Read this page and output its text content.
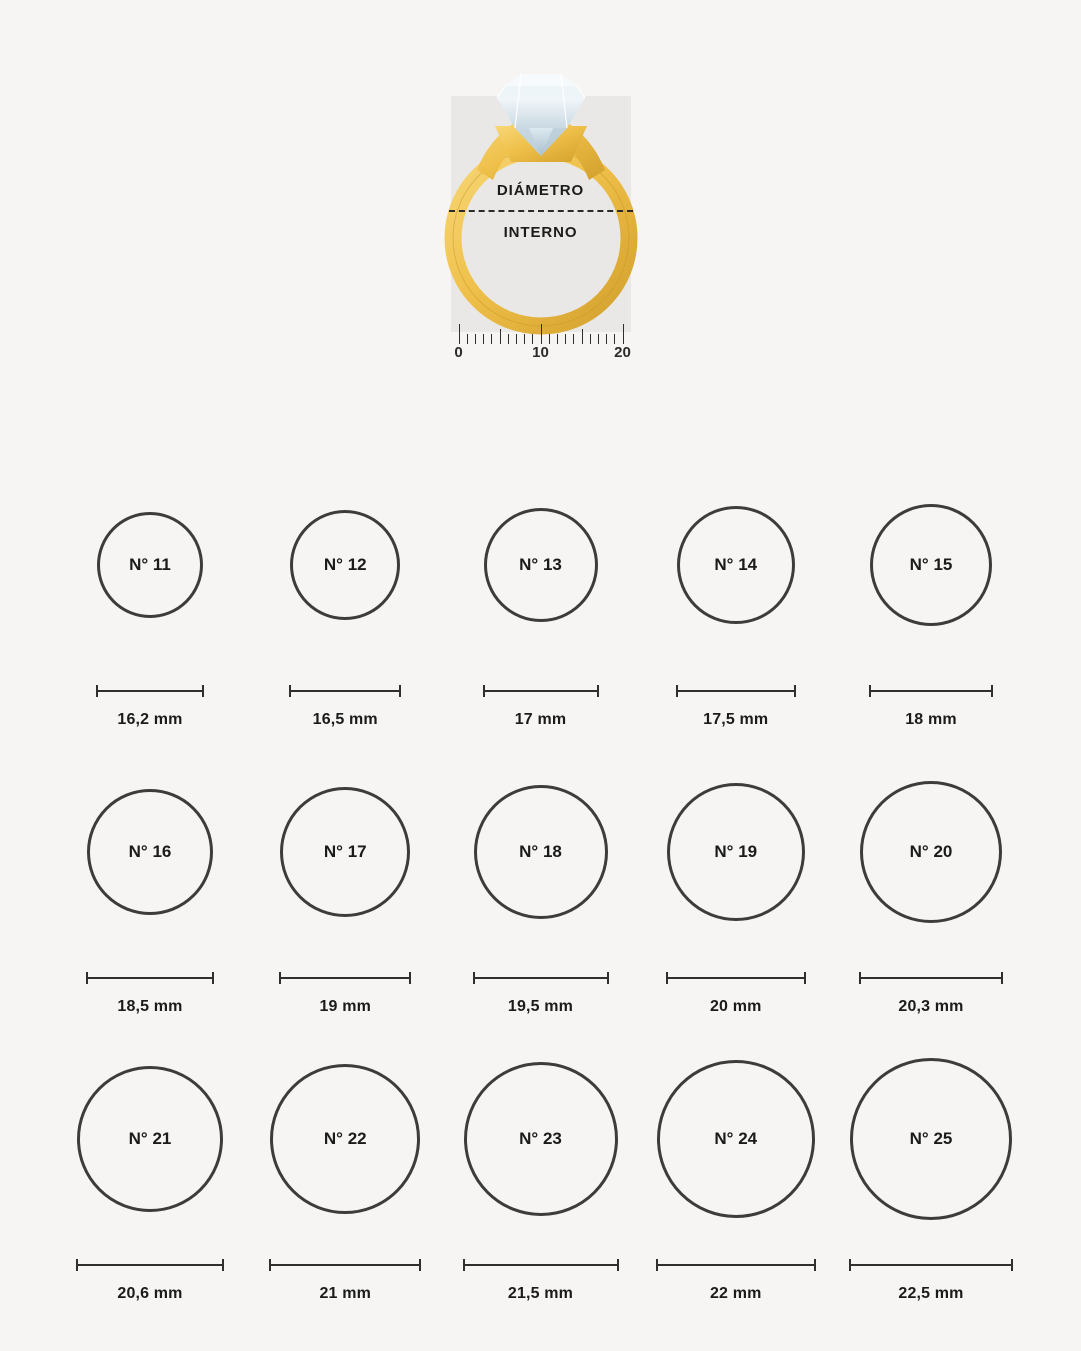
DIÁMETRO
INTERNO
0	10	20
N° 11
16,2 mm
N° 12
16,5 mm
N° 13
17 mm
N° 14
17,5 mm
N° 15
18 mm
N° 16
18,5 mm
N° 17
19 mm
N° 18
19,5 mm
N° 19
20 mm
N° 20
20,3 mm
N° 21
20,6 mm
N° 22
21 mm
N° 23
21,5 mm
N° 24
22 mm
N° 25
22,5 mm
